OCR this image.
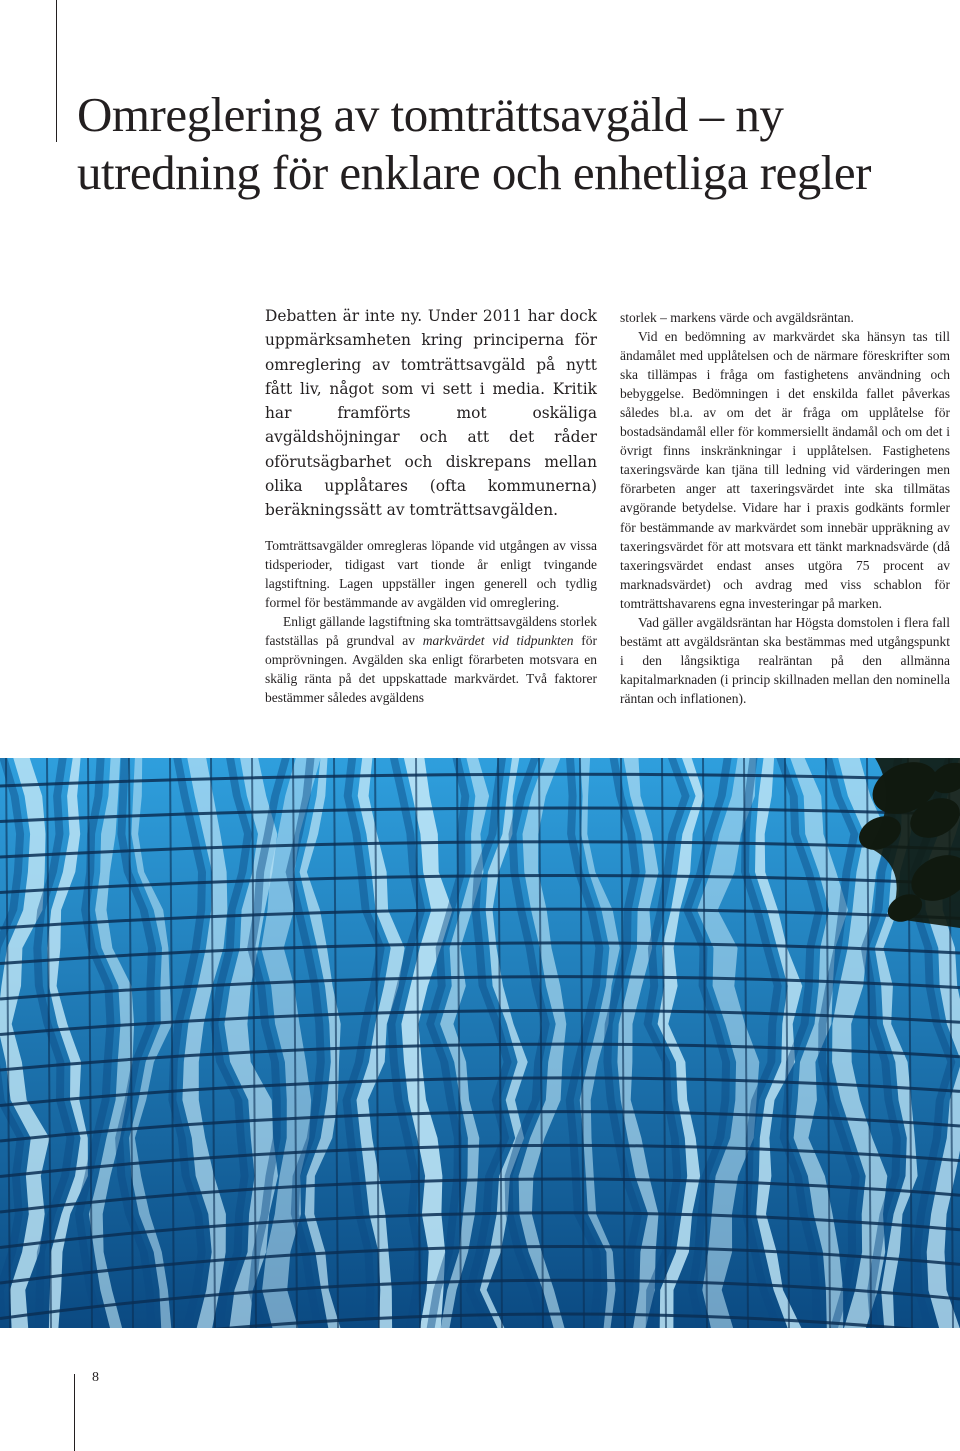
Omreglering av tomträttsavgäld – ny utredning för enklare och enhetliga regler

Debatten är inte ny. Under 2011 har dock uppmärksamheten kring principerna för omreglering av tomträttsavgäld på nytt fått liv, något som vi sett i media. Kritik har framförts mot oskäliga avgäldshöjningar och att det råder oförutsägbarhet och diskrepans mellan olika upplåtares (ofta kommunerna) beräkningssätt av tomträttsavgälden.

Tomträttsavgälder omregleras löpande vid utgången av vissa tidsperioder, tidigast vart tionde år enligt tvingande lagstiftning. Lagen uppställer ingen generell och tydlig formel för bestämmande av avgälden vid omreglering.

Enligt gällande lagstiftning ska tomträttsavgäldens storlek fastställas på grundval av markvärdet vid tidpunkten för omprövningen. Avgälden ska enligt förarbeten motsvara en skälig ränta på det uppskattade markvärdet. Två faktorer bestämmer således avgäldens

storlek – markens värde och avgäldsräntan.

Vid en bedömning av markvärdet ska hänsyn tas till ändamålet med upplåtelsen och de närmare föreskrifter som ska tillämpas i fråga om fastighetens användning och bebyggelse. Bedömningen i det enskilda fallet påverkas således bl.a. av om det är fråga om upplåtelse för bostadsändamål eller för kommersiellt ändamål och om det i övrigt finns inskränkningar i upplåtelsen. Fastighetens taxeringsvärde kan tjäna till ledning vid värderingen men förarbeten anger att taxeringsvärdet inte ska tillmätas avgörande betydelse. Vidare har i praxis godkänts formler för bestämmande av markvärdet som innebär uppräkning av taxeringsvärdet för att motsvara ett tänkt marknadsvärde (då taxeringsvärdet endast anses utgöra 75 procent av marknadsvärdet) och avdrag med viss schablon för tomträttshavarens egna investeringar på marken.

Vad gäller avgäldsräntan har Högsta domstolen i flera fall bestämt att avgäldsräntan ska bestämmas med utgångspunkt i den långsiktiga realräntan på den allmänna kapitalmarknaden (i princip skillnaden mellan den nominella räntan och inflationen).

8
